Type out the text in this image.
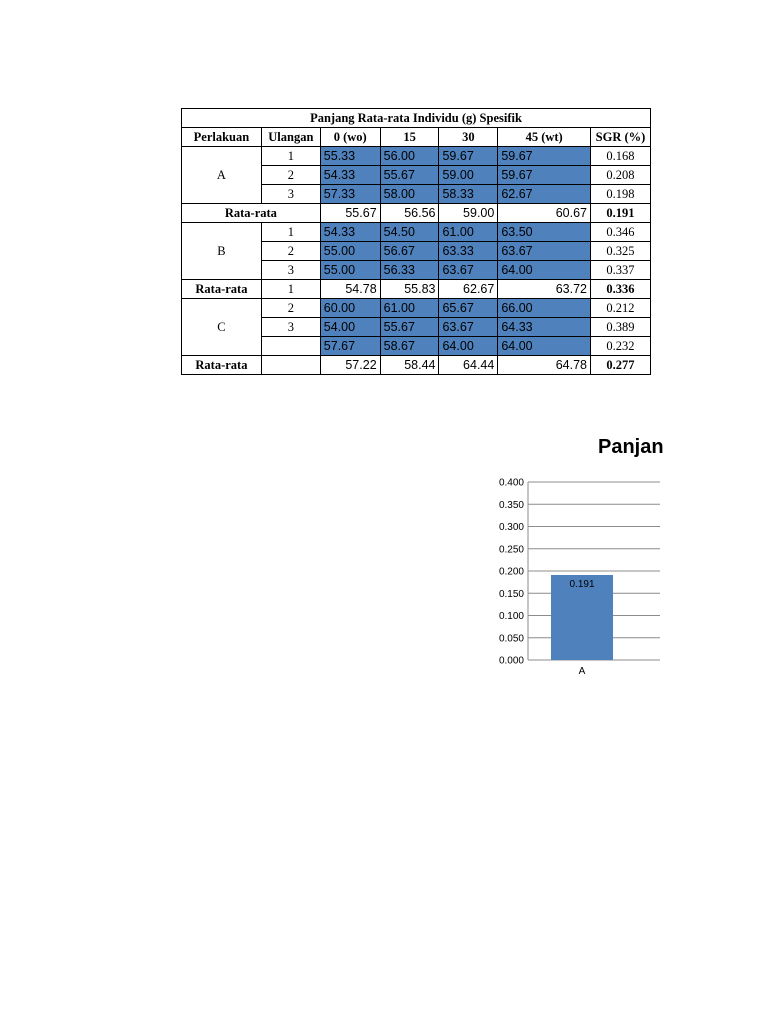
Panjang Rata-rata Individu (g) Spesifik						
Perlakuan	Ulangan	0 (wo)	15	30	45 (wt)	SGR (%)
A	1	55.33	56.00	59.67	59.67	0.168
	2	54.33	55.67	59.00	59.67	0.208
	3	57.33	58.00	58.33	62.67	0.198
Rata-rata		55.67	56.56	59.00	60.67	0.191
B	1	54.33	54.50	61.00	63.50	0.346
	2	55.00	56.67	63.33	63.67	0.325
	3	55.00	56.33	63.67	64.00	0.337
Rata-rata	1	54.78	55.83	62.67	63.72	0.336
C	2	60.00	61.00	65.67	66.00	0.212
	3	54.00	55.67	63.67	64.33	0.389
		57.67	58.67	64.00	64.00	0.232
Rata-rata		57.22	58.44	64.44	64.78	0.277
Panjan
0.000
0.050
0.100
0.150
0.200
0.250
0.300
0.350
0.400
0.191
A
